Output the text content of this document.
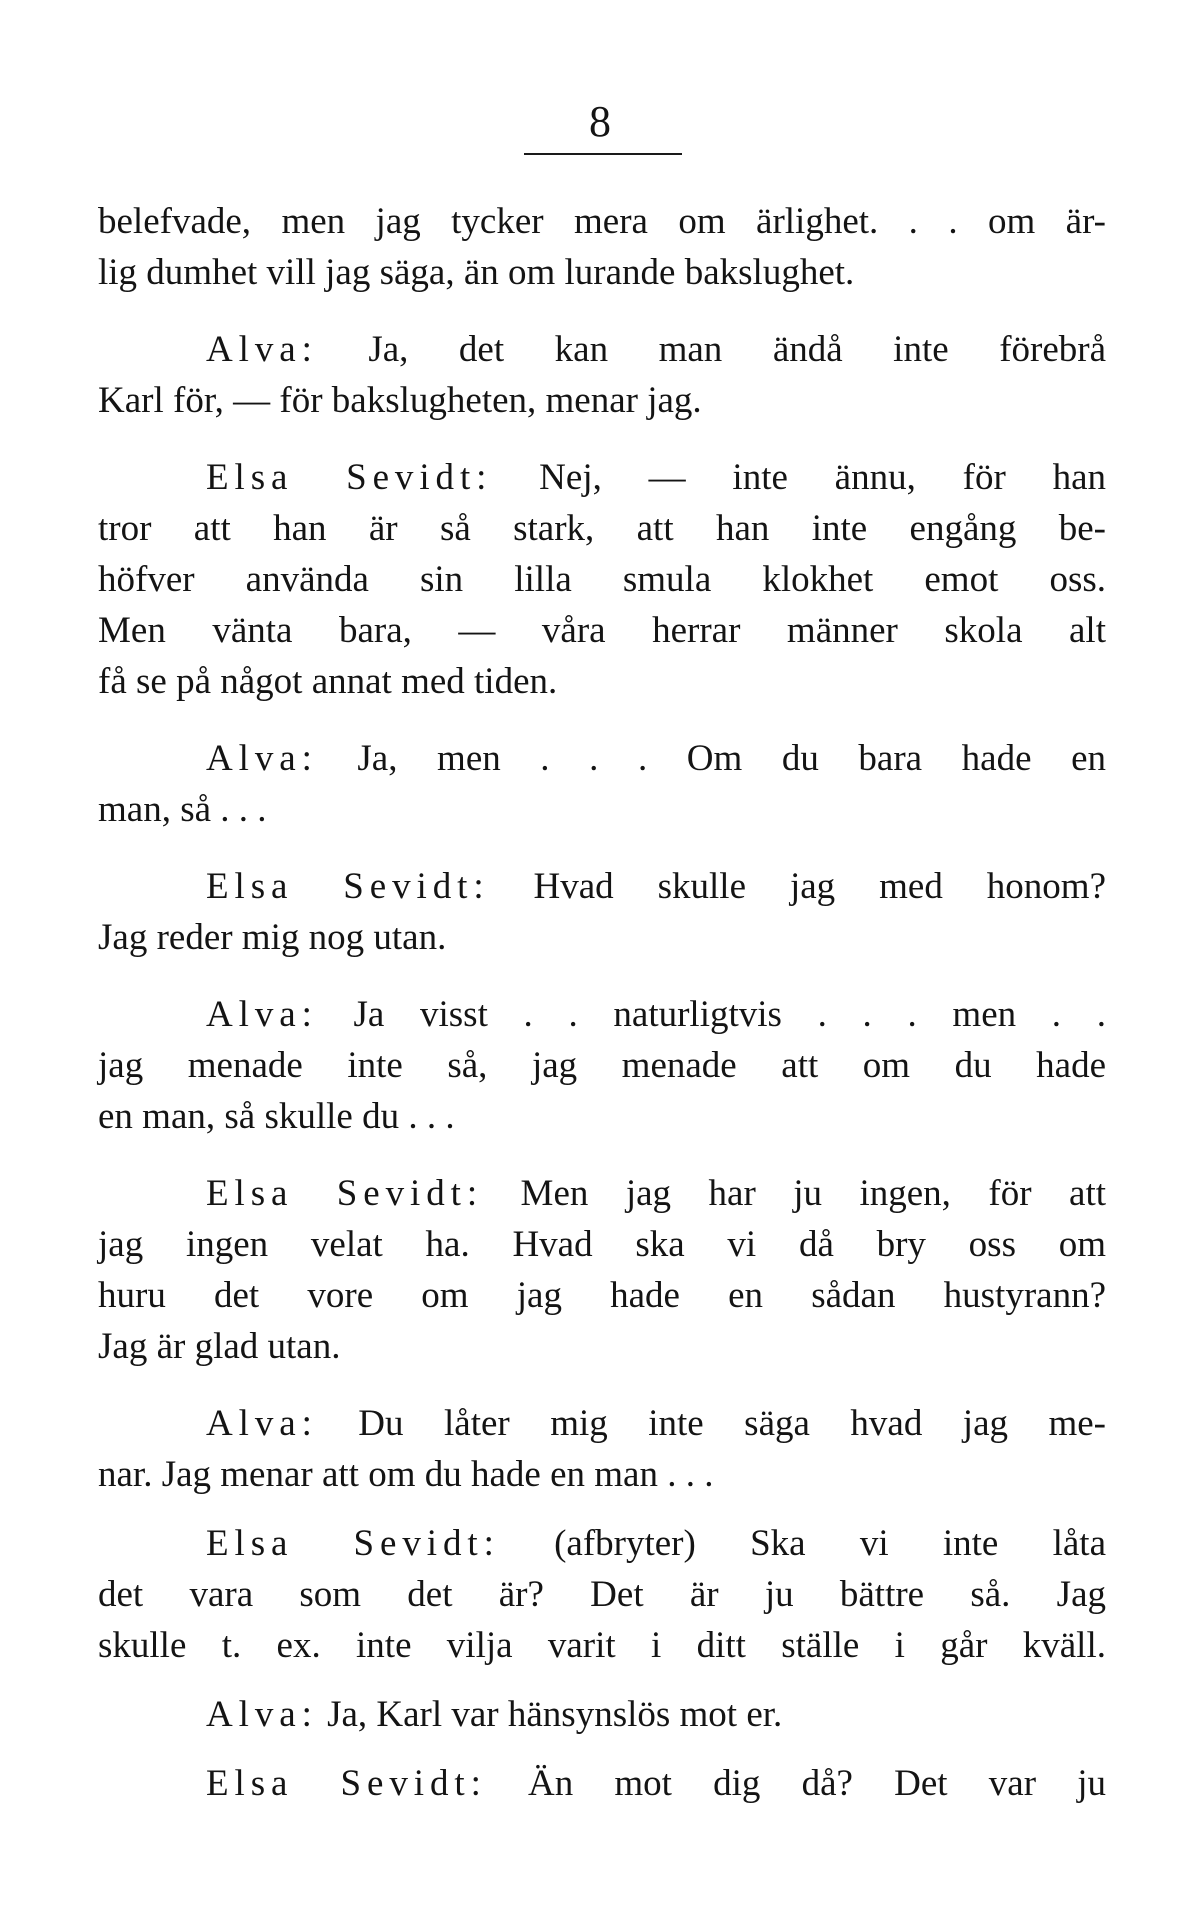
8
belefvade, men jag tycker mera om ärlighet. . . om är-
lig dumhet vill jag säga, än om lurande bakslughet.
Alva: Ja, det kan man ändå inte förebrå
Karl för, — för bakslugheten, menar jag.
Elsa Sevidt: Nej, — inte ännu, för han
tror att han är så stark, att han inte engång be-
höfver använda sin lilla smula klokhet emot oss.
Men vänta bara, — våra herrar männer skola alt
få se på något annat med tiden.
Alva: Ja, men . . . Om du bara hade en
man, så . . .
Elsa Sevidt: Hvad skulle jag med honom?
Jag reder mig nog utan.
Alva: Ja visst . . naturligtvis . . . men . .
jag menade inte så, jag menade att om du hade
en man, så skulle du . . .
Elsa Sevidt: Men jag har ju ingen, för att
jag ingen velat ha. Hvad ska vi då bry oss om
huru det vore om jag hade en sådan hustyrann?
Jag är glad utan.
Alva: Du låter mig inte säga hvad jag me-
nar. Jag menar att om du hade en man . . .
Elsa Sevidt: (afbryter) Ska vi inte låta
det vara som det är? Det är ju bättre så. Jag
skulle t. ex. inte vilja varit i ditt ställe i går kväll.
Alva: Ja, Karl var hänsynslös mot er.
Elsa Sevidt: Än mot dig då? Det var ju
